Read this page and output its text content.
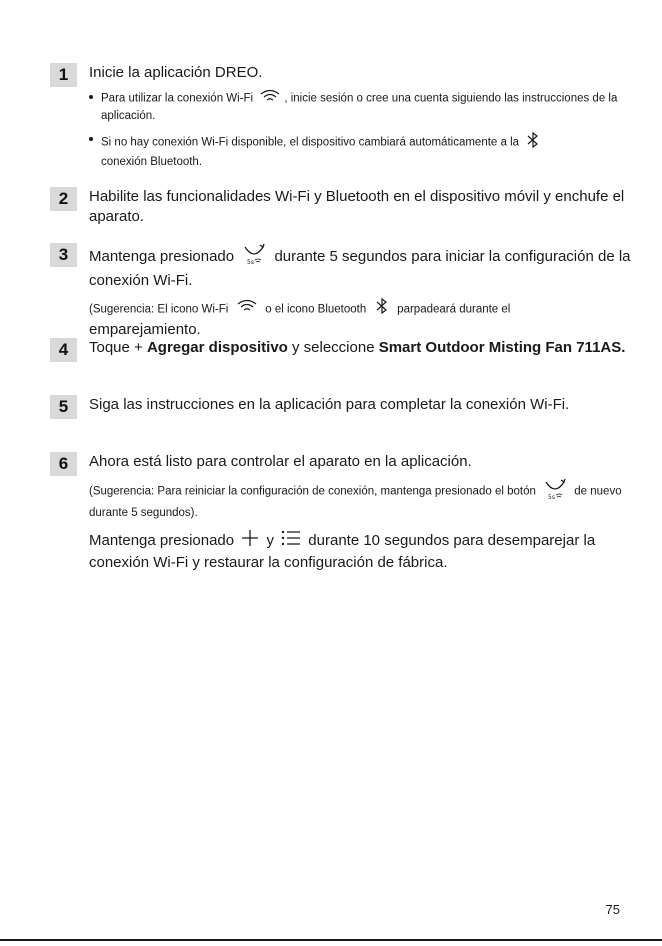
1	Inicie la aplicación DREO.
Para utilizar la conexión Wi-Fi	, inicie sesión o cree una cuenta siguiendo las instrucciones de la aplicación.
Si no hay conexión Wi-Fi disponible, el dispositivo cambiará automáticamente a la
conexión Bluetooth.
2	Habilite las funcionalidades Wi-Fi y Bluetooth en el dispositivo móvil y enchufe el aparato.
3	Mantenga presionado 5s durante 5 segundos para iniciar la configuración de la conexión Wi-Fi.
(Sugerencia: El icono Wi-Fi	o el icono Bluetooth	parpadeará durante el
emparejamiento.
4	Toque + Agregar dispositivo y seleccione Smart Outdoor Misting Fan 711AS.
5	Siga las instrucciones en la aplicación para completar la conexión Wi-Fi.
6	Ahora está listo para controlar el aparato en la aplicación.
(Sugerencia: Para reiniciar la configuración de conexión, mantenga presionado el botón 5s de nuevo durante 5 segundos).
Mantenga presionado y durante 10 segundos para desemparejar la conexión Wi-Fi y restaurar la configuración de fábrica.
75
